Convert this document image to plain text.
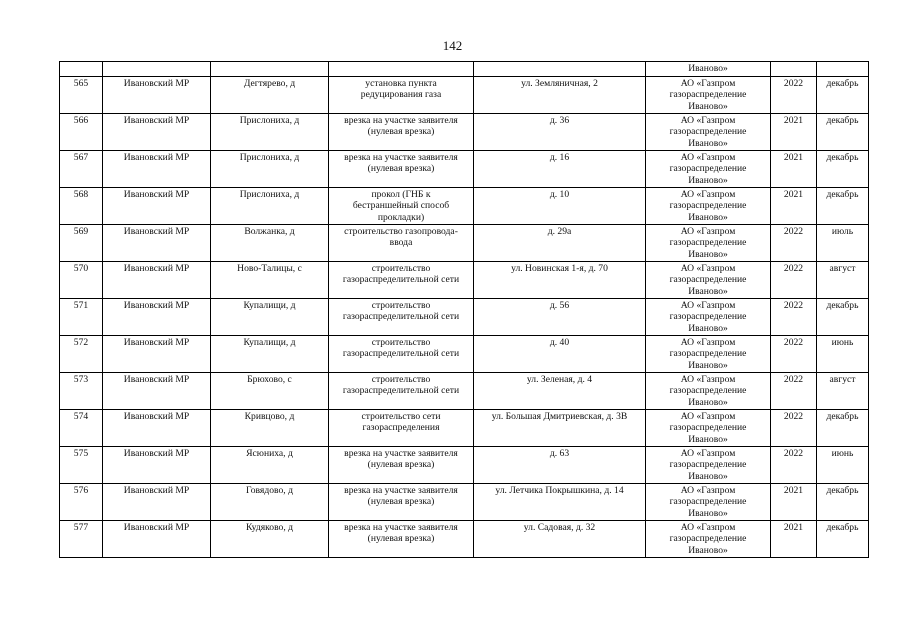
142
					Иваново»		
565	Ивановский МР	Дегтярево, д	установка пункта
редуцирования газа	ул. Земляничная, 2	АО «Газпром
газораспределение
Иваново»	2022	декабрь
566	Ивановский МР	Прислониха, д	врезка на участке заявителя
(нулевая врезка)	д. 36	АО «Газпром
газораспределение
Иваново»	2021	декабрь
567	Ивановский МР	Прислониха, д	врезка на участке заявителя
(нулевая врезка)	д. 16	АО «Газпром
газораспределение
Иваново»	2021	декабрь
568	Ивановский МР	Прислониха, д	прокол (ГНБ к
бестраншейный способ
прокладки)	д. 10	АО «Газпром
газораспределение
Иваново»	2021	декабрь
569	Ивановский МР	Волжанка, д	строительство газопровода-
ввода	д. 29а	АО «Газпром
газораспределение
Иваново»	2022	июль
570	Ивановский МР	Ново-Талицы, с	строительство
газораспределительной сети	ул. Новинская 1-я, д. 70	АО «Газпром
газораспределение
Иваново»	2022	август
571	Ивановский МР	Купалищи, д	строительство
газораспределительной сети	д. 56	АО «Газпром
газораспределение
Иваново»	2022	декабрь
572	Ивановский МР	Купалищи, д	строительство
газораспределительной сети	д. 40	АО «Газпром
газораспределение
Иваново»	2022	июнь
573	Ивановский МР	Брюхово, с	строительство
газораспределительной сети	ул. Зеленая, д. 4	АО «Газпром
газораспределение
Иваново»	2022	август
574	Ивановский МР	Кривцово, д	строительство сети
газораспределения	ул. Большая Дмитриевская, д. 3В	АО «Газпром
газораспределение
Иваново»	2022	декабрь
575	Ивановский МР	Ясюниха, д	врезка на участке заявителя
(нулевая врезка)	д. 63	АО «Газпром
газораспределение
Иваново»	2022	июнь
576	Ивановский МР	Говядово, д	врезка на участке заявителя
(нулевая врезка)	ул. Летчика Покрышкина, д. 14	АО «Газпром
газораспределение
Иваново»	2021	декабрь
577	Ивановский МР	Кудяково, д	врезка на участке заявителя
(нулевая врезка)	ул. Садовая, д. 32	АО «Газпром
газораспределение
Иваново»	2021	декабрь
